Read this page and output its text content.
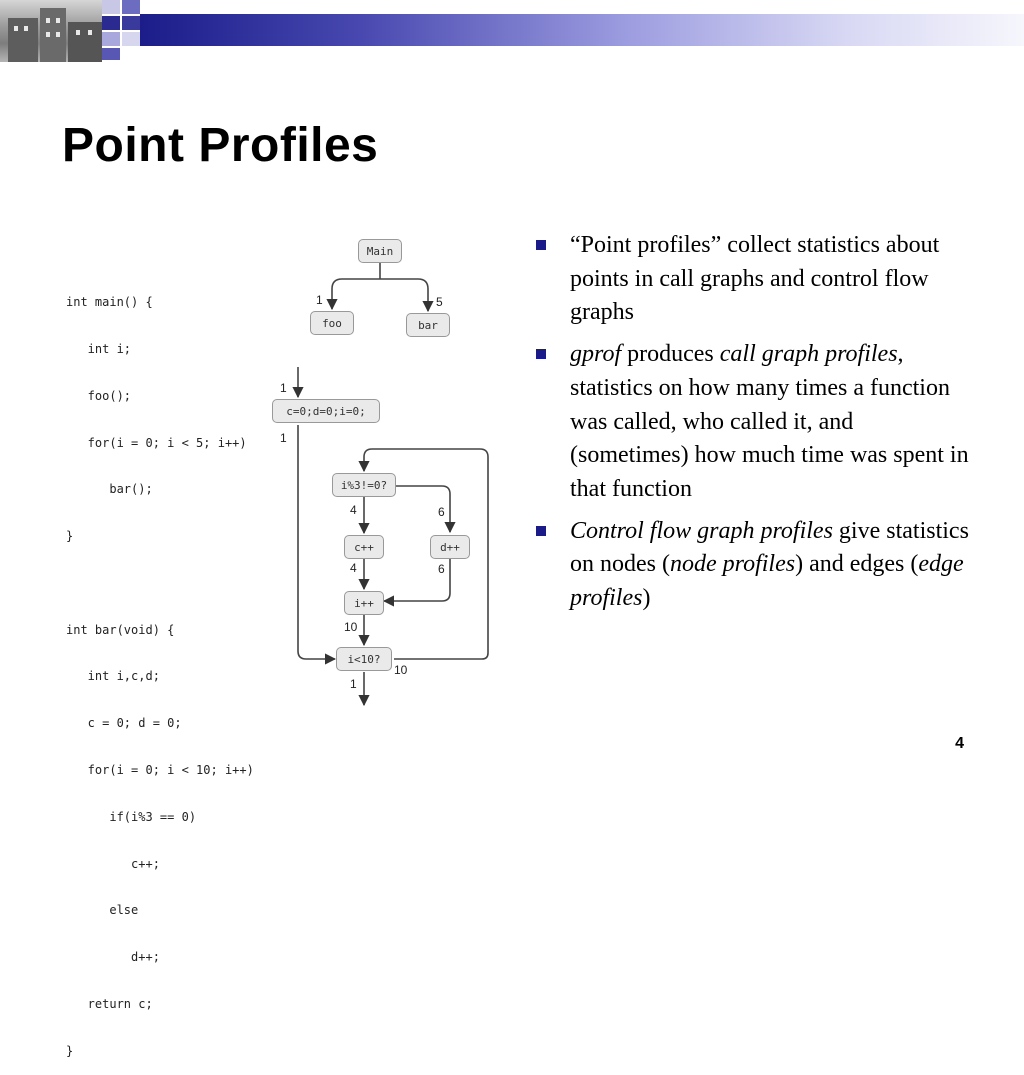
Point Profiles

int main() {

int i;

foo();

for(i = 0; i < 5; i++)

bar();

}

int bar(void) {

int i,c,d;

c = 0; d = 0;

for(i = 0; i < 10; i++)

if(i%3 == 0)

c++;

else

d++;

return c;

}

Main
foo	bar
c=0;d=0;i=0;
i%3!=0?
c++	d++
i++
i<10?
1	5
1
1
4	6
4	6
10
10
1
“Point profiles” collect statistics about points in call graphs and control flow graphs
gprof produces call graph profiles, statistics on how many times a function was called, who called it, and (sometimes) how much time was spent in that function
Control flow graph profiles give statistics on nodes (node profiles) and edges (edge profiles)
4
